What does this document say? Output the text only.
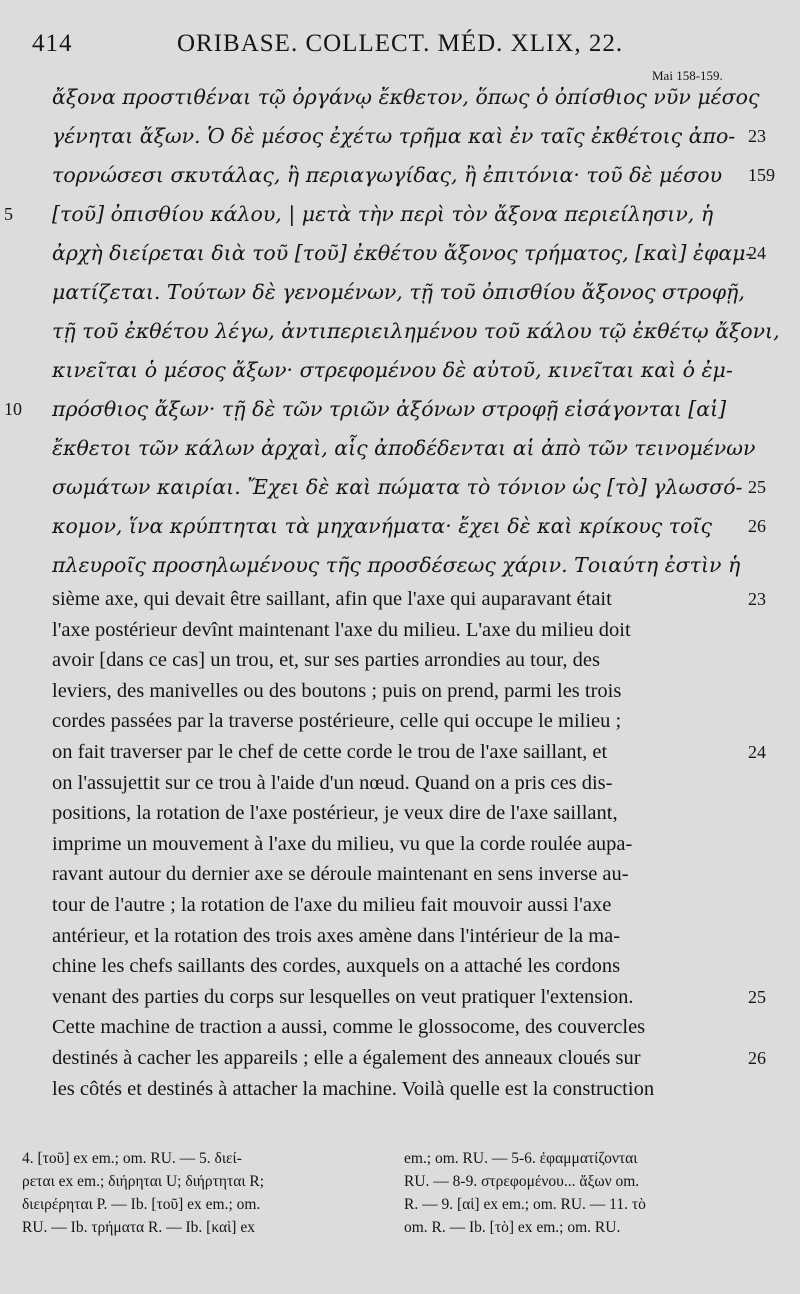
414	ORIBASE. COLLECT. MÉD. XLIX, 22.
Mai 158-159.
ἄξονα προστιθέναι τῷ ὀργάνῳ ἔκθετον, ὅπως ὁ ὀπίσθιος νῦν μέσος
γένηται ἄξων. Ὁ δὲ μέσος ἐχέτω τρῆμα καὶ ἐν ταῖς ἐκθέτοις ἀπο-
τορνώσεσι σκυτάλας, ἢ περιαγωγίδας, ἢ ἐπιτόνια· τοῦ δὲ μέσου
[τοῦ] ὀπισθίου κάλου, | μετὰ τὴν περὶ τὸν ἄξονα περιείλησιν, ἡ
ἀρχὴ διείρεται διὰ τοῦ [τοῦ] ἐκθέτου ἄξονος τρήματος, [καὶ] ἐφαμ-
ματίζεται. Τούτων δὲ γενομένων, τῇ τοῦ ὀπισθίου ἄξονος στροφῇ,
τῇ τοῦ ἐκθέτου λέγω, ἀντιπεριειλημένου τοῦ κάλου τῷ ἐκθέτῳ ἄξονι,
κινεῖται ὁ μέσος ἄξων· στρεφομένου δὲ αὐτοῦ, κινεῖται καὶ ὁ ἐμ-
πρόσθιος ἄξων· τῇ δὲ τῶν τριῶν ἀξόνων στροφῇ εἰσάγονται [αἱ]
ἔκθετοι τῶν κάλων ἀρχαὶ, αἷς ἀποδέδενται αἱ ἀπὸ τῶν τεινομένων
σωμάτων καιρίαι. Ἔχει δὲ καὶ πώματα τὸ τόνιον ὡς [τὸ] γλωσσό-
κομον, ἵνα κρύπτηται τὰ μηχανήματα· ἔχει δὲ καὶ κρίκους τοῖς
πλευροῖς προσηλωμένους τῆς προσδέσεως χάριν. Τοιαύτη ἐστὶν ἡ
5
10
23
159
24
25
26
sième axe, qui devait être saillant, afin que l'axe qui auparavant était
l'axe postérieur devînt maintenant l'axe du milieu. L'axe du milieu doit
avoir [dans ce cas] un trou, et, sur ses parties arrondies au tour, des
leviers, des manivelles ou des boutons ; puis on prend, parmi les trois
cordes passées par la traverse postérieure, celle qui occupe le milieu ;
on fait traverser par le chef de cette corde le trou de l'axe saillant, et
on l'assujettit sur ce trou à l'aide d'un nœud. Quand on a pris ces dis-
positions, la rotation de l'axe postérieur, je veux dire de l'axe saillant,
imprime un mouvement à l'axe du milieu, vu que la corde roulée aupa-
ravant autour du dernier axe se déroule maintenant en sens inverse au-
tour de l'autre ; la rotation de l'axe du milieu fait mouvoir aussi l'axe
antérieur, et la rotation des trois axes amène dans l'intérieur de la ma-
chine les chefs saillants des cordes, auxquels on a attaché les cordons
venant des parties du corps sur lesquelles on veut pratiquer l'extension.
Cette machine de traction a aussi, comme le glossocome, des couvercles
destinés à cacher les appareils ; elle a également des anneaux cloués sur
les côtés et destinés à attacher la machine. Voilà quelle est la construction
23
24
25
26
4. [τοῦ] ex em.; om. RU. — 5. διεί-
ρεται ex em.; διήρηται U; διήρτηται R;
διειρέρηται P. — Ib. [τοῦ] ex em.; om.
RU. — Ib. τρήματα R. — Ib. [καὶ] ex
em.; om. RU. — 5-6. ἐφαμματίζονται
RU. — 8-9. στρεφομένου... ἄξων om.
R. — 9. [αἱ] ex em.; om. RU. — 11. τὸ
om. R. — Ib. [τὸ] ex em.; om. RU.
